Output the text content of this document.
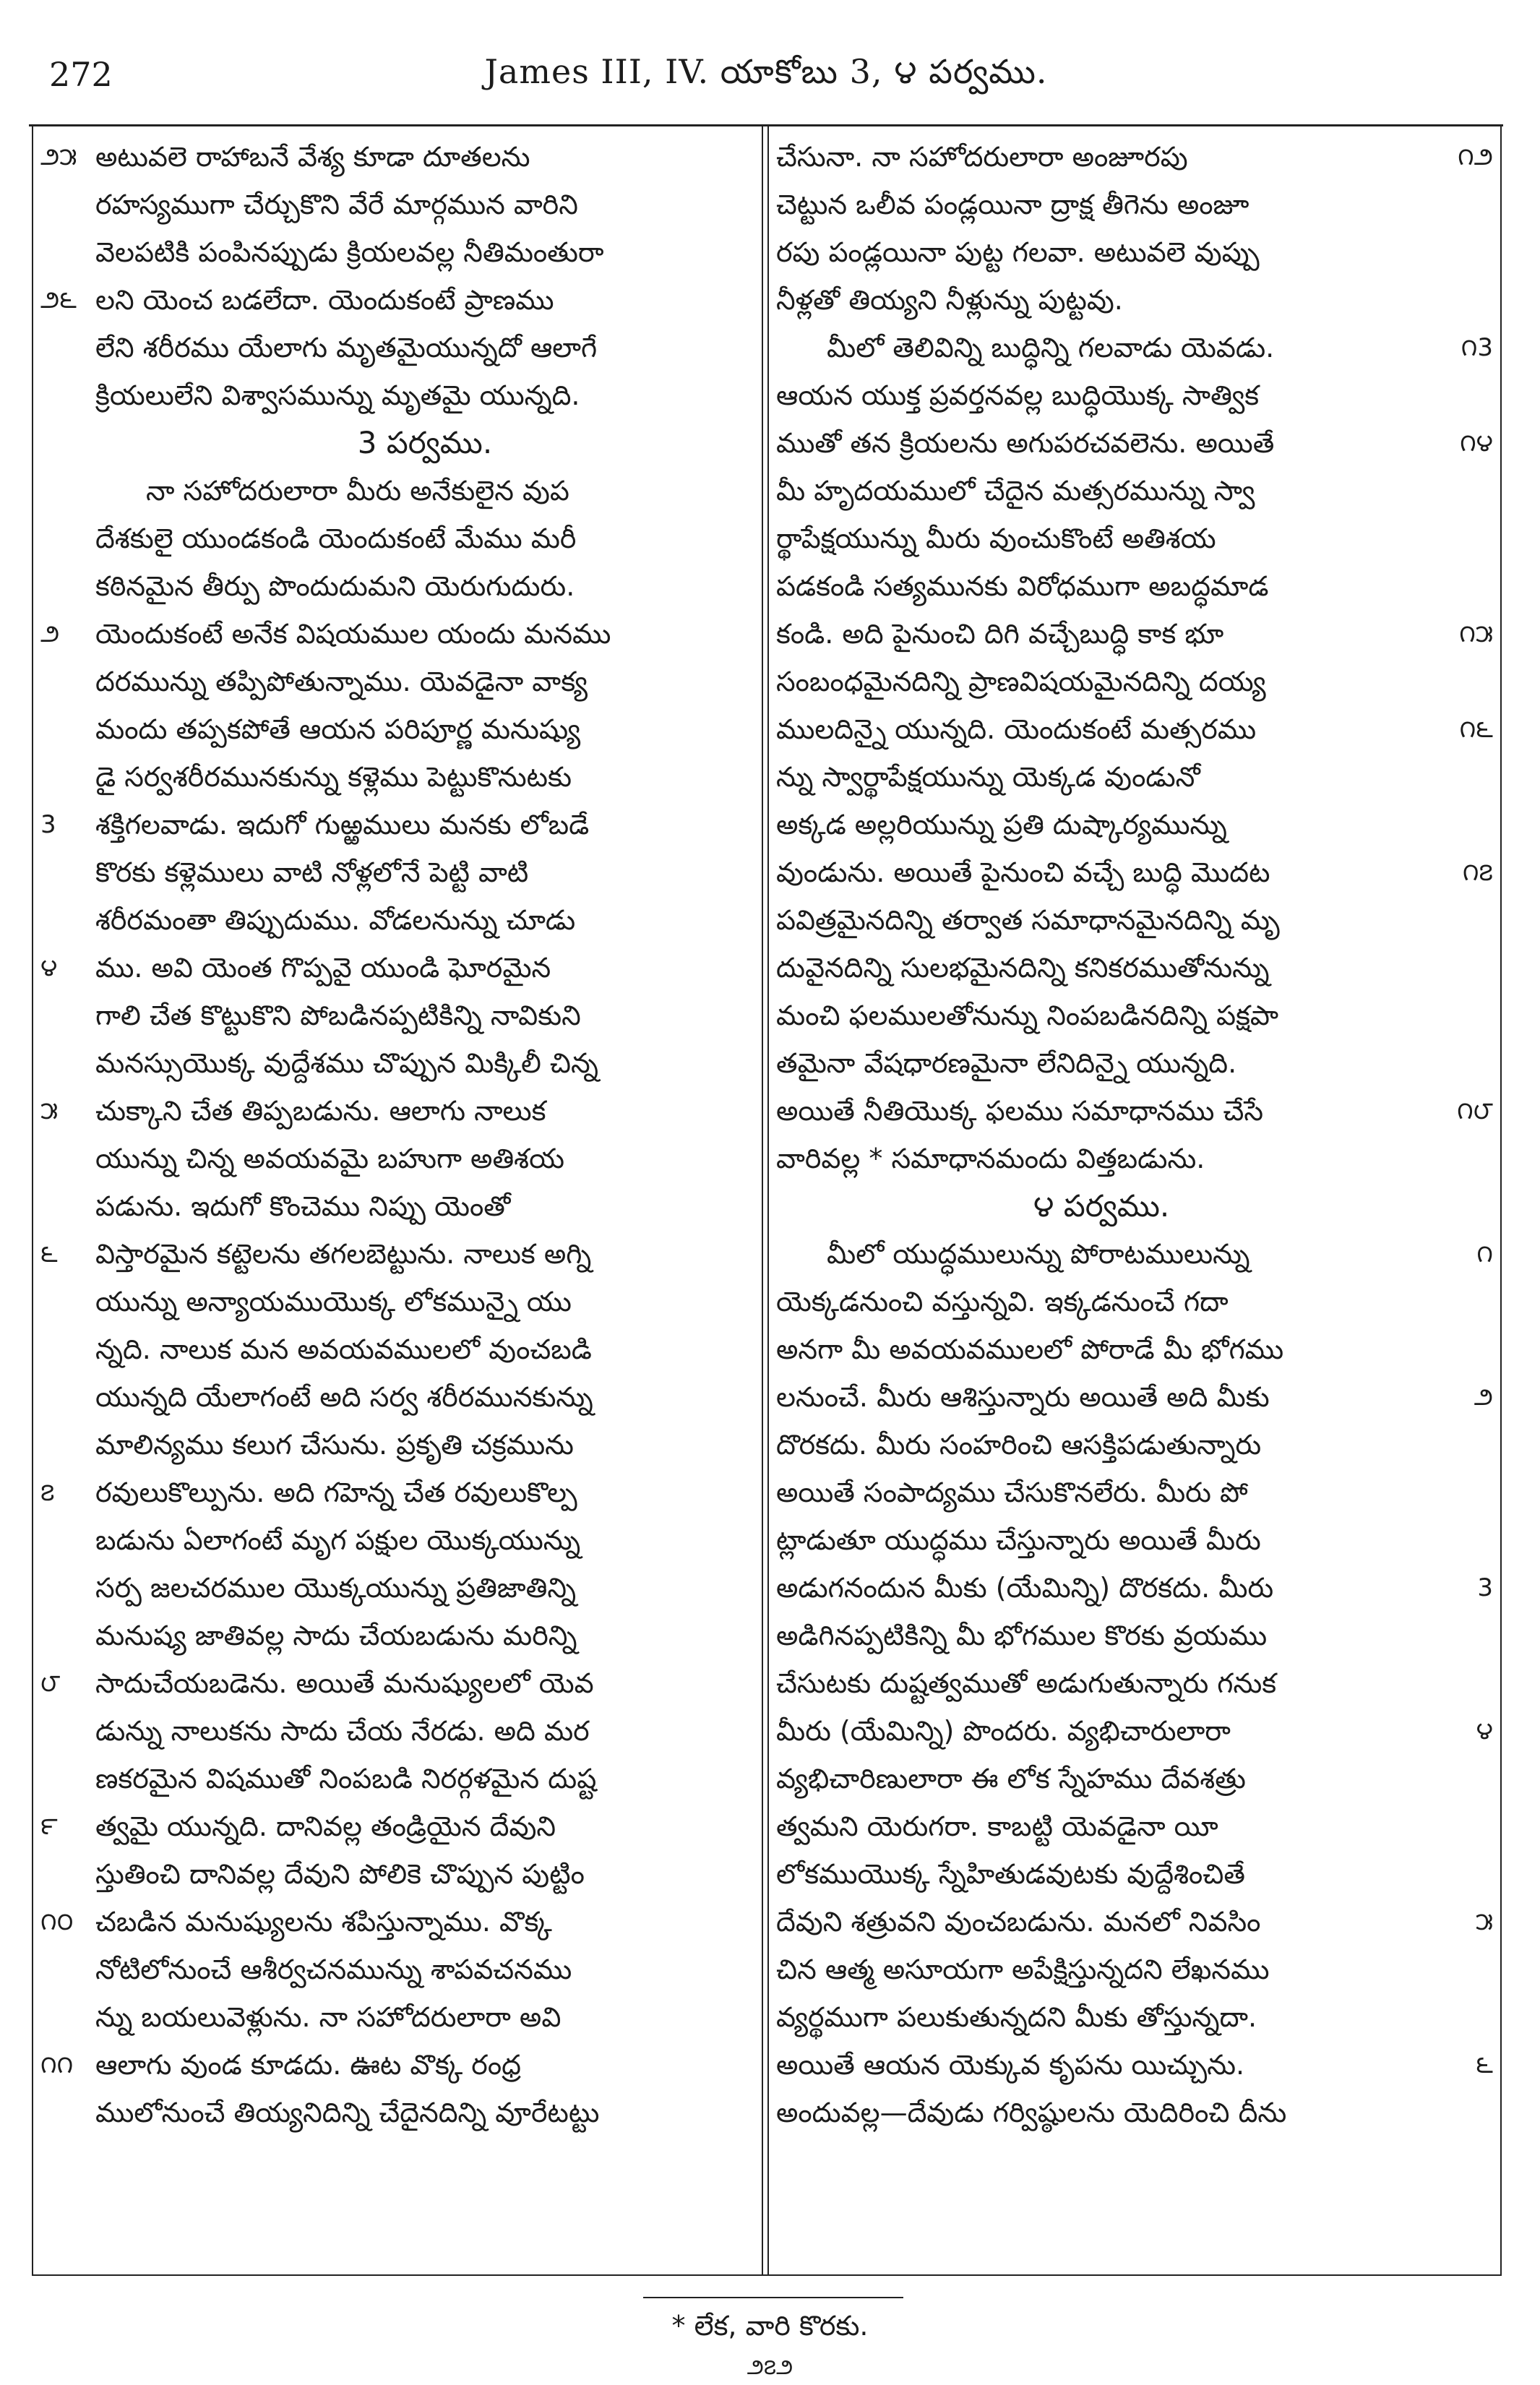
272	James III, IV. యాకోబు 3, ౪ పర్వము.
౨౫ అటువలె రాహాబనే వేశ్య కూడా దూతలను
రహస్యముగా చేర్చుకొని వేరే మార్గమున వారిని
వెలపటికి పంపినప్పుడు క్రియలవల్ల నీతిమంతురా
౨౬ లని యెంచ బడలేదా. యెందుకంటే ప్రాణము
లేని శరీరము యేలాగు మృతమైయున్నదో ఆలాగే
క్రియలులేని విశ్వాసమున్ను మృతమై యున్నది.
3 పర్వము.
నా సహోదరులారా మీరు అనేకులైన వుప
దేశకులై యుండకండి యెందుకంటే మేము మరీ
కఠినమైన తీర్పు పొందుదుమని యెరుగుదురు.
౨	యెందుకంటే అనేక విషయముల యందు మనము
దరమున్ను తప్పిపోతున్నాము. యెవడైనా వాక్య
మందు తప్పకపోతే ఆయన పరిపూర్ణ మనుష్యు
డై సర్వశరీరమునకున్ను కళ్లెము పెట్టుకొనుటకు
3	శక్తిగలవాడు. ఇదుగో గుఱ్ఱములు మనకు లోబడే
కొరకు కళ్లెములు వాటి నోళ్లలోనే పెట్టి వాటి
శరీరమంతా తిప్పుదుము. వోడలనున్ను చూడు
౪	ము. అవి యెంత గొప్పవై యుండి ఘోరమైన
గాలి చేత కొట్టుకొని పోబడినప్పటికిన్ని నావికుని
మనస్సుయొక్క వుద్దేశము చొప్పున మిక్కిలీ చిన్న
౫	చుక్కాని చేత తిప్పబడును. ఆలాగు నాలుక
యున్ను చిన్న అవయవమై బహుగా అతిశయ
పడును. ఇదుగో కొంచెము నిప్పు యెంతో
౬	విస్తారమైన కట్టెలను తగలబెట్టును. నాలుక అగ్ని
యున్ను అన్యాయముయొక్క లోకమున్నై యు
న్నది. నాలుక మన అవయవములలో వుంచబడి
యున్నది యేలాగంటే అది సర్వ శరీరమునకున్ను
మాలిన్యము కలుగ చేసును. ప్రకృతి చక్రమును
౭	రవులుకొల్పును. అది గహెన్న చేత రవులుకొల్ప
బడును ఏలాగంటే మృగ పక్షుల యొక్కయున్ను
సర్ప జలచరముల యొక్కయున్ను ప్రతిజాతిన్ని
మనుష్య జాతివల్ల సాదు చేయబడును మరిన్ని
౮	సాదుచేయబడెను. అయితే మనుష్యులలో యెవ
డున్ను నాలుకను సాదు చేయ నేరడు. అది మర
ణకరమైన విషముతో నింపబడి నిరర్గళమైన దుష్ట
౯	త్వమై యున్నది. దానివల్ల తండ్రియైన దేవుని
స్తుతించి దానివల్ల దేవుని పోలికె చొప్పున పుట్టిం
౧౦ చబడిన మనుష్యులను శపిస్తున్నాము. వొక్క
నోటిలోనుంచే ఆశీర్వచనమున్ను శాపవచనము
న్ను బయలువెళ్లును. నా సహోదరులారా అవి
౧౧ ఆలాగు వుండ కూడదు. ఊట వొక్క రంధ్ర
ములోనుంచే తియ్యనిదిన్ని చేదైనదిన్ని వూరేటట్టు
౧౨
చేసునా. నా సహోదరులారా అంజూరపు
చెట్టున ఒలీవ పండ్లయినా ద్రాక్ష తీగెను అంజూ
రపు పండ్లయినా పుట్ట గలవా. అటువలె వుప్పు
నీళ్లతో తియ్యని నీళ్లున్ను పుట్టవు.
౧3
మీలో తెలివిన్ని బుద్ధిన్ని గలవాడు యెవడు.
ఆయన యుక్త ప్రవర్తనవల్ల బుద్ధియొక్క సాత్విక
౧౪
ముతో తన క్రియలను అగుపరచవలెను. అయితే
మీ హృదయములో చేదైన మత్సరమున్ను స్వా
ర్థాపేక్షయున్ను మీరు వుంచుకొంటే అతిశయ
పడకండి సత్యమునకు విరోధముగా అబద్ధమాడ
౧౫
కండి. అది పైనుంచి దిగి వచ్చేబుద్ధి కాక భూ
సంబంధమైనదిన్ని ప్రాణవిషయమైనదిన్ని దయ్య
౧౬
ములదిన్నై యున్నది. యెందుకంటే మత్సరము
న్ను స్వార్థాపేక్షయున్ను యెక్కడ వుండునో
అక్కడ అల్లరియున్ను ప్రతి దుష్కార్యమున్ను
౧౭
వుండును. అయితే పైనుంచి వచ్చే బుద్ధి మొదట
పవిత్రమైనదిన్ని తర్వాత సమాధానమైనదిన్ని మృ
దువైనదిన్ని సులభమైనదిన్ని కనికరముతోనున్ను
మంచి ఫలములతోనున్ను నింపబడినదిన్ని పక్షపా
తమైనా వేషధారణమైనా లేనిదిన్నై యున్నది.
౧౮
అయితే నీతియొక్క ఫలము సమాధానము చేసే
వారివల్ల * సమాధానమందు విత్తబడును.
౪ పర్వము.
౧
మీలో యుద్ధములున్ను పోరాటములున్ను
యెక్కడనుంచి వస్తున్నవి. ఇక్కడనుంచే గదా
అనగా మీ అవయవములలో పోరాడే మీ భోగము
౨
లనుంచే. మీరు ఆశిస్తున్నారు అయితే అది మీకు
దొరకదు. మీరు సంహరించి ఆసక్తిపడుతున్నారు
అయితే సంపాద్యము చేసుకొనలేరు. మీరు పో
ట్లాడుతూ యుద్ధము చేస్తున్నారు అయితే మీరు
3
అడుగనందున మీకు (యేమిన్ని) దొరకదు. మీరు
అడిగినప్పటికిన్ని మీ భోగముల కొరకు వ్రయము
చేసుటకు దుష్టత్వముతో అడుగుతున్నారు గనుక
౪
మీరు (యేమిన్ని) పొందరు. వ్యభిచారులారా
వ్యభిచారిణులారా ఈ లోక స్నేహము దేవశత్రు
త్వమని యెరుగరా. కాబట్టి యెవడైనా యీ
లోకముయొక్క స్నేహితుడవుటకు వుద్దేశించితే
౫
దేవుని శత్రువని వుంచబడును. మనలో నివసిం
చిన ఆత్మ అసూయగా అపేక్షిస్తున్నదని లేఖనము
వ్యర్థముగా పలుకుతున్నదని మీకు తోస్తున్నదా.
౬
అయితే ఆయన యెక్కువ కృపను యిచ్చును.
అందువల్ల—దేవుడు గర్విష్ఠులను యెదిరించి దీను
* లేక, వారి కొరకు.
౨౭౨
